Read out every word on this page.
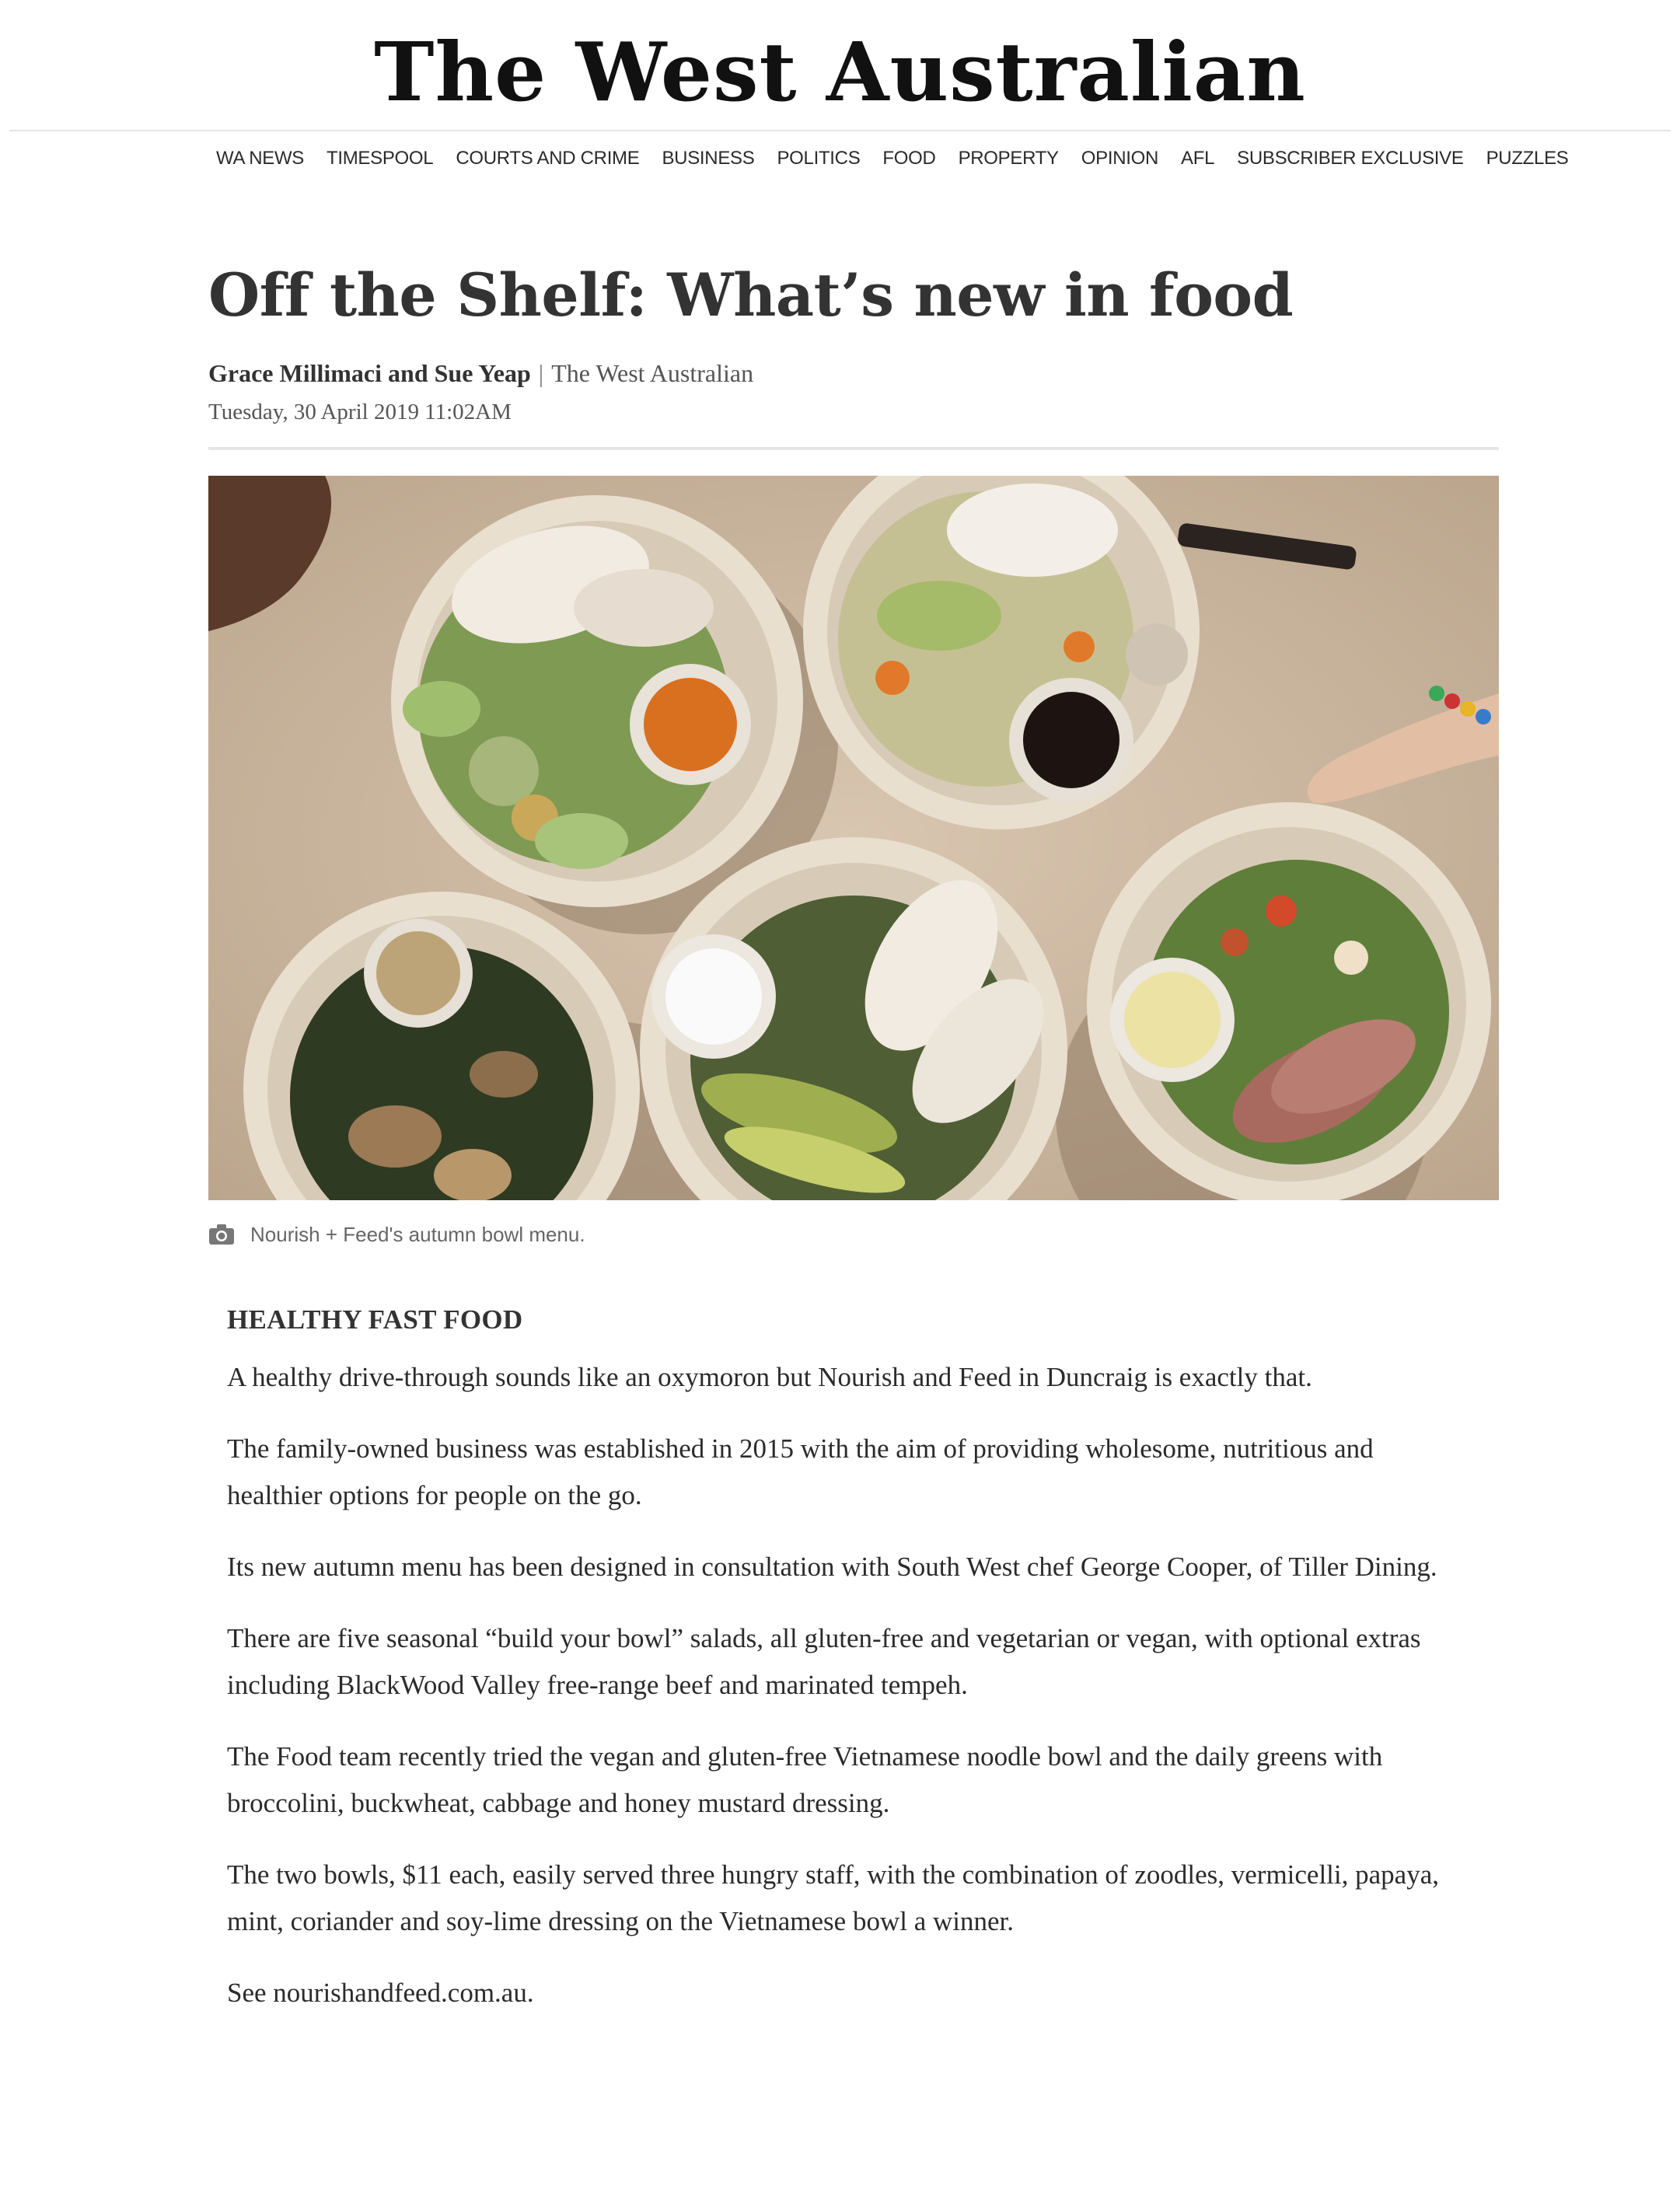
The West Australian
WA NEWS TIMESPOOL COURTS AND CRIME BUSINESS POLITICS FOOD PROPERTY OPINION AFL SUBSCRIBER EXCLUSIVE PUZZLES
Off the Shelf: What’s new in food
Grace Millimaci and Sue Yeap | The West Australian
Tuesday, 30 April 2019 11:02AM
Nourish + Feed's autumn bowl menu.
HEALTHY FAST FOOD

A healthy drive-through sounds like an oxymoron but Nourish and Feed in Duncraig is exactly that.

The family-owned business was established in 2015 with the aim of providing wholesome, nutritious and healthier options for people on the go.

Its new autumn menu has been designed in consultation with South West chef George Cooper, of Tiller Dining.

There are five seasonal “build your bowl” salads, all gluten-free and vegetarian or vegan, with optional extras including BlackWood Valley free-range beef and marinated tempeh.

The Food team recently tried the vegan and gluten-free Vietnamese noodle bowl and the daily greens with broccolini, buckwheat, cabbage and honey mustard dressing.

The two bowls, $11 each, easily served three hungry staff, with the combination of zoodles, vermicelli, papaya, mint, coriander and soy-lime dressing on the Vietnamese bowl a winner.

See nourishandfeed.com.au.
